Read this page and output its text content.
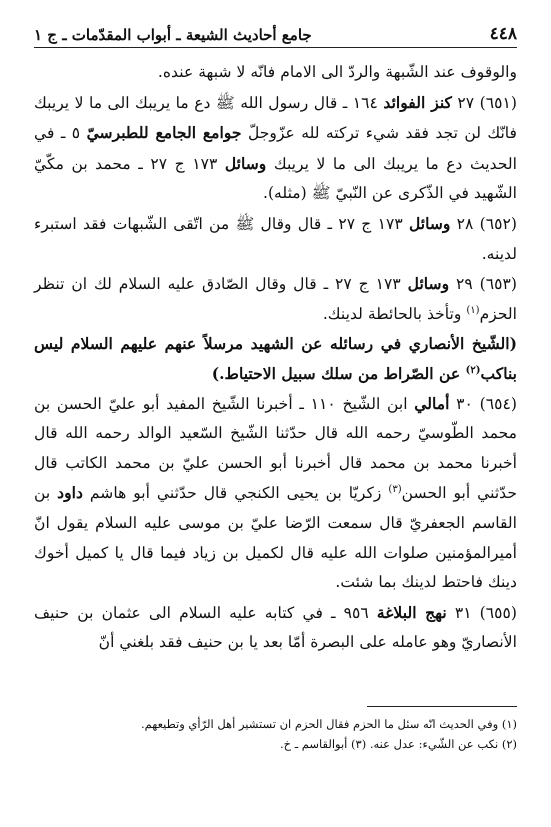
٤٤٨
جامع أحاديث الشيعة ـ أبواب المقدّمات ـ ج ١

والوقوف عند الشّبهة والردّ الى الامام فانّه لا شبهة عنده.

(٦٥١) ٢٧ كنز الفوائد ١٦٤ ـ قال رسول الله ﷺ دع ما يريبك الى ما لا يريبك فانّك لن تجد فقد شيء تركته لله عزّوجلّ جوامع الجامع للطبرسيّ ٥ ـ في الحديث دع ما يريبك الى ما لا يريبك وسائل ١٧٣ ج ٢٧ ـ محمد بن مكّيّ الشّهيد في الذّكرى عن النّبيّ ﷺ (مثله).

(٦٥٢) ٢٨ وسائل ١٧٣ ج ٢٧ ـ قال وقال ﷺ من اتّقى الشّبهات فقد استبرء لدينه.

(٦٥٣) ٢٩ وسائل ١٧٣ ج ٢٧ ـ قال وقال الصّادق عليه السلام لك ان تنظر الحزم$^{(١)}$ وتأخذ بالحائطة لدينك.

(الشّيخ الأنصاري في رسائله عن الشهيد مرسلاً عنهم عليهم السلام ليس بناكب$^{(٢)}$ عن الصّراط من سلك سبيل الاحتياط.)

(٦٥٤) ٣٠ أمالي ابن الشّيخ ١١٠ ـ أخبرنا الشّيخ المفيد أبو عليّ الحسن بن محمد الطّوسيّ رحمه الله قال حدّثنا الشّيخ السّعيد الوالد رحمه الله قال أخبرنا محمد بن محمد قال أخبرنا أبو الحسن عليّ بن محمد الكاتب قال حدّثني أبو الحسن$^{(٣)}$ زكريّا بن يحيى الكنجي قال حدّثني أبو هاشم داود بن القاسم الجعفريّ قال سمعت الرّضا عليّ بن موسى عليه السلام يقول انّ أميرالمؤمنين صلوات الله عليه قال لكميل بن زياد فيما قال يا كميل أخوك دينك فاحتط لدينك بما شئت.

(٦٥٥) ٣١ نهج البلاغة ٩٥٦ ـ في كتابه عليه السلام الى عثمان بن حنيف الأنصاريّ وهو عامله على البصرة أمّا بعد يا بن حنيف فقد بلغني أنّ

(١) وفي الحديث انّه سئل ما الحزم فقال الحزم ان تستشير أهل الرّأي وتطيعهم.

(٢) نكب عن الشّيء: عدل عنه. (٣) أبوالقاسم ـ خ.
